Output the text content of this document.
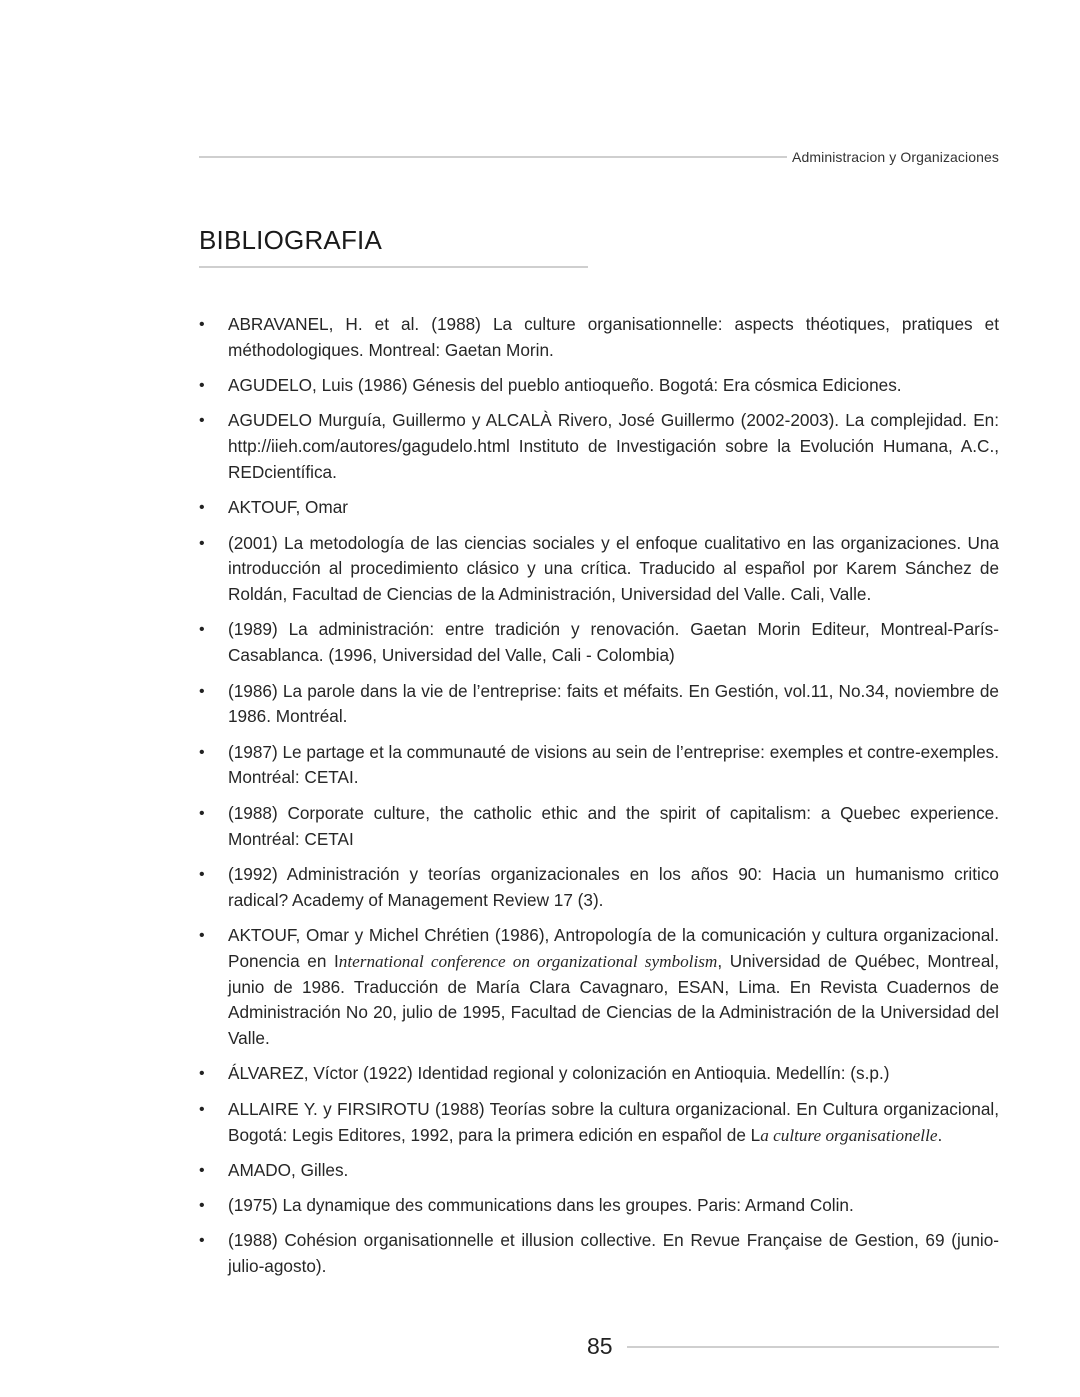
Administracion y Organizaciones
BIBLIOGRAFIA
• ABRAVANEL, H. et al. (1988) La culture organisationnelle: aspects théotiques, pratiques et méthodologiques. Montreal: Gaetan Morin.
• AGUDELO, Luis (1986) Génesis del pueblo antioqueño. Bogotá: Era cósmica Ediciones.
• AGUDELO Murguía, Guillermo y ALCALÀ Rivero, José Guillermo (2002-2003). La complejidad. En: http://iieh.com/autores/gagudelo.html Instituto de Investigación sobre la Evolución Humana, A.C., REDcientífica.
• AKTOUF, Omar
• (2001) La metodología de las ciencias sociales y el enfoque cualitativo en las organizaciones. Una introducción al procedimiento clásico y una crítica. Traducido al español por Karem Sánchez de Roldán, Facultad de Ciencias de la Administración, Universidad del Valle. Cali, Valle.
• (1989) La administración: entre tradición y renovación. Gaetan Morin Editeur, Montreal-París-Casablanca. (1996, Universidad del Valle, Cali - Colombia)
• (1986) La parole dans la vie de l’entreprise: faits et méfaits. En Gestión, vol.11, No.34, noviembre de 1986. Montréal.
• (1987) Le partage et la communauté de visions au sein de l’entreprise: exemples et contre-exemples. Montréal: CETAI.
• (1988) Corporate culture, the catholic ethic and the spirit of capitalism: a Quebec experience. Montréal: CETAI
• (1992) Administración y teorías organizacionales en los años 90: Hacia un humanismo critico radical? Academy of Management Review 17 (3).
• AKTOUF, Omar y Michel Chrétien (1986), Antropología de la comunicación y cultura organizacional. Ponencia en International conference on organizational symbolism, Universidad de Québec, Montreal, junio de 1986. Traducción de María Clara Cavagnaro, ESAN, Lima. En Revista Cuadernos de Administración No 20, julio de 1995, Facultad de Ciencias de la Administración de la Universidad del Valle.
• ÁLVAREZ, Víctor (1922) Identidad regional y colonización en Antioquia. Medellín: (s.p.)
• ALLAIRE Y. y FIRSIROTU (1988) Teorías sobre la cultura organizacional. En Cultura organizacional, Bogotá: Legis Editores, 1992, para la primera edición en español de La culture organisationelle.
• AMADO, Gilles.
• (1975) La dynamique des communications dans les groupes. Paris: Armand Colin.
• (1988) Cohésion organisationnelle et illusion collective. En Revue Française de Gestion, 69 (junio-julio-agosto).
85
